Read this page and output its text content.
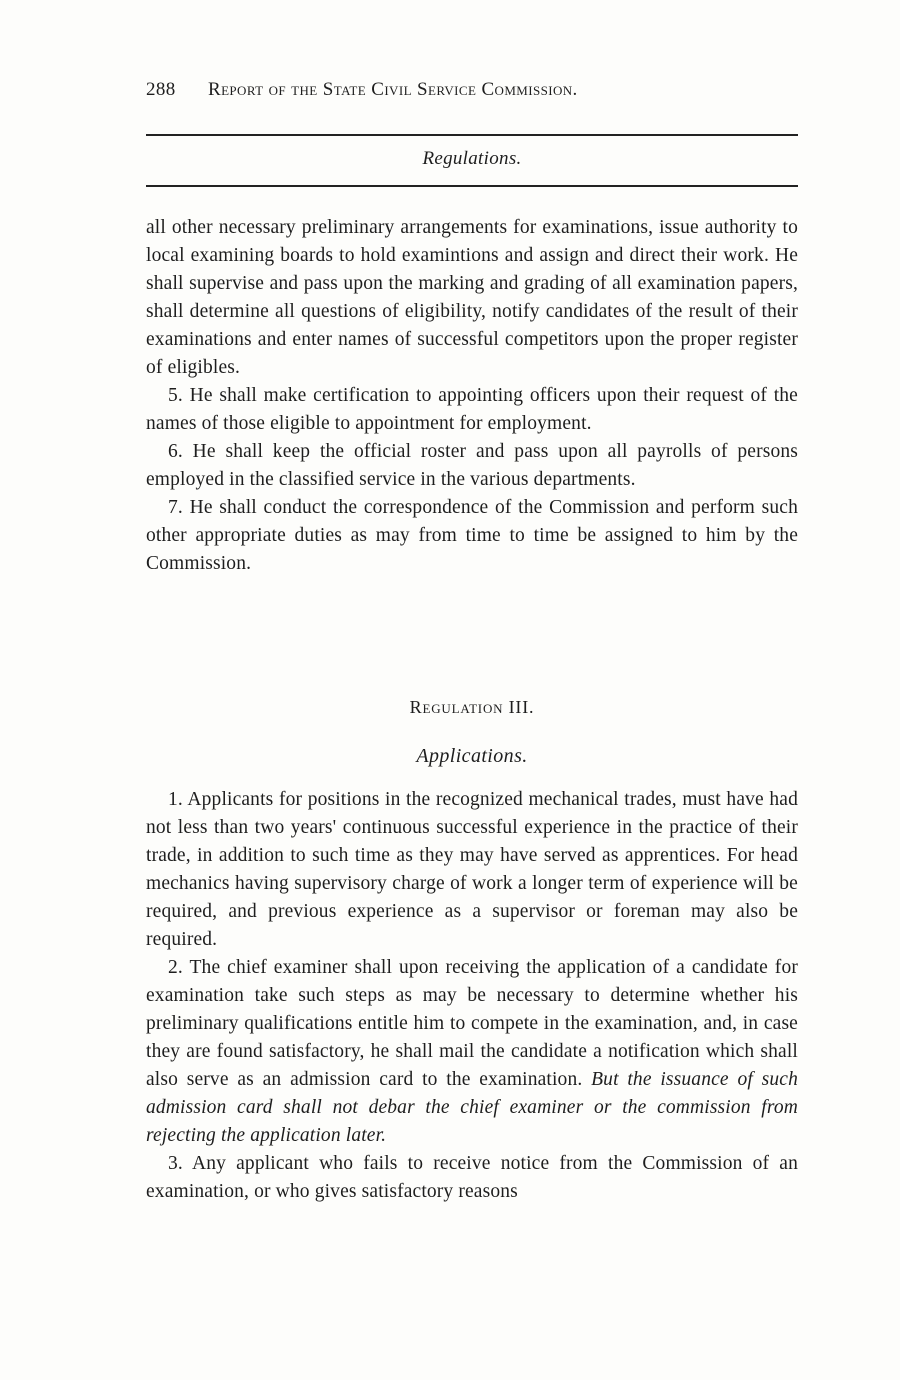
288 Report of the State Civil Service Commission.
Regulations.

all other necessary preliminary arrangements for examinations, issue authority to local examining boards to hold examintions and assign and direct their work. He shall supervise and pass upon the marking and grading of all examination papers, shall determine all questions of eligibility, notify candidates of the result of their examinations and enter names of successful competitors upon the proper register of eligibles.

5. He shall make certification to appointing officers upon their request of the names of those eligible to appointment for employment.

6. He shall keep the official roster and pass upon all payrolls of persons employed in the classified service in the various departments.

7. He shall conduct the correspondence of the Commission and perform such other appropriate duties as may from time to time be assigned to him by the Commission.

Regulation III.
Applications.

1. Applicants for positions in the recognized mechanical trades, must have had not less than two years' continuous successful experience in the practice of their trade, in addition to such time as they may have served as apprentices. For head mechanics having supervisory charge of work a longer term of experience will be required, and previous experience as a supervisor or foreman may also be required.

2. The chief examiner shall upon receiving the application of a candidate for examination take such steps as may be necessary to determine whether his preliminary qualifications entitle him to compete in the examination, and, in case they are found satisfactory, he shall mail the candidate a notification which shall also serve as an admission card to the examination. But the issuance of such admission card shall not debar the chief examiner or the commission from rejecting the application later.

3. Any applicant who fails to receive notice from the Commission of an examination, or who gives satisfactory reasons
